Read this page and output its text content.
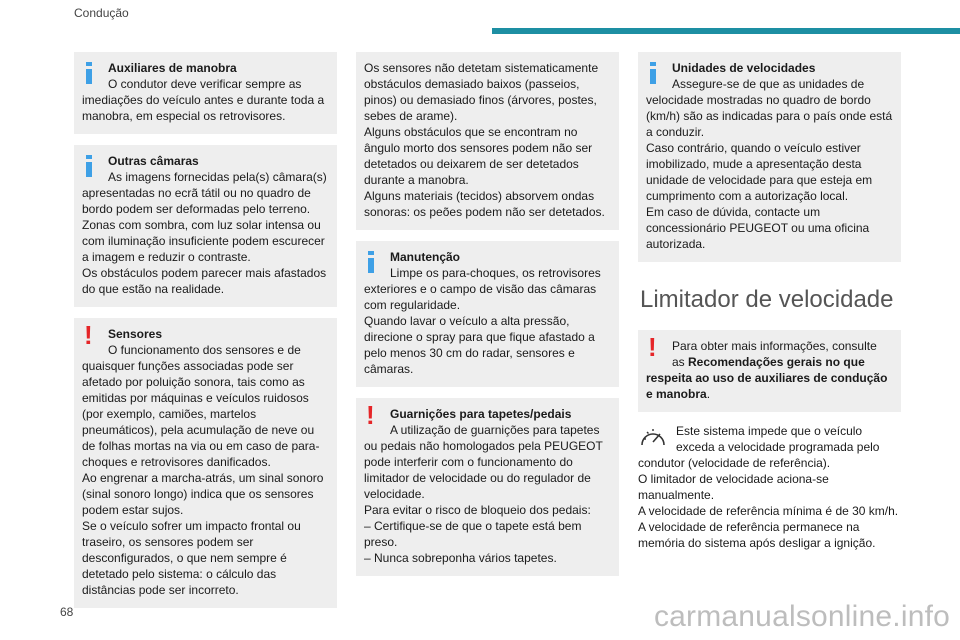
Condução

Auxiliares de manobra

O condutor deve verificar sempre as

imediações do veículo antes e durante toda a manobra, em especial os retrovisores.

Outras câmaras

As imagens fornecidas pela(s) câmara(s)

apresentadas no ecrã tátil ou no quadro de bordo podem ser deformadas pelo terreno.

Zonas com sombra, com luz solar intensa ou com iluminação insuficiente podem escurecer a imagem e reduzir o contraste.

Os obstáculos podem parecer mais afastados do que estão na realidade.

!	Sensores

O funcionamento dos sensores e de

quaisquer funções associadas pode ser afetado por poluição sonora, tais como as emitidas por máquinas e veículos ruidosos (por exemplo, camiões, martelos pneumáticos), pela acumulação de neve ou de folhas mortas na via ou em caso de para-choques e retrovisores danificados.

Ao engrenar a marcha-atrás, um sinal sonoro (sinal sonoro longo) indica que os sensores podem estar sujos.

Se o veículo sofrer um impacto frontal ou traseiro, os sensores podem ser desconfigurados, o que nem sempre é detetado pelo sistema: o cálculo das distâncias pode ser incorreto.

Os sensores não detetam sistematicamente obstáculos demasiado baixos (passeios, pinos) ou demasiado finos (árvores, postes, sebes de arame).

Alguns obstáculos que se encontram no ângulo morto dos sensores podem não ser detetados ou deixarem de ser detetados durante a manobra.

Alguns materiais (tecidos) absorvem ondas sonoras: os peões podem não ser detetados.

Manutenção

Limpe os para-choques, os retrovisores

exteriores e o campo de visão das câmaras com regularidade.

Quando lavar o veículo a alta pressão, direcione o spray para que fique afastado a pelo menos 30 cm do radar, sensores e câmaras.

!	Guarnições para tapetes/pedais

A utilização de guarnições para tapetes

ou pedais não homologados pela PEUGEOT pode interferir com o funcionamento do limitador de velocidade ou do regulador de velocidade.

Para evitar o risco de bloqueio dos pedais:

– Certifique-se de que o tapete está bem preso.

– Nunca sobreponha vários tapetes.

Unidades de velocidades

Assegure-se de que as unidades de

velocidade mostradas no quadro de bordo (km/h) são as indicadas para o país onde está a conduzir.

Caso contrário, quando o veículo estiver imobilizado, mude a apresentação desta unidade de velocidade para que esteja em cumprimento com a autorização local.

Em caso de dúvida, contacte um concessionário PEUGEOT ou uma oficina autorizada.

Limitador de velocidade
!	Para obter mais informações, consulte

as Recomendações gerais no que

respeita ao uso de auxiliares de condução e manobra.

Este sistema impede que o veículo

exceda a velocidade programada pelo

condutor (velocidade de referência).

O limitador de velocidade aciona-se manualmente.

A velocidade de referência mínima é de 30 km/h.

A velocidade de referência permanece na memória do sistema após desligar a ignição.

68	carmanualsonline.info
